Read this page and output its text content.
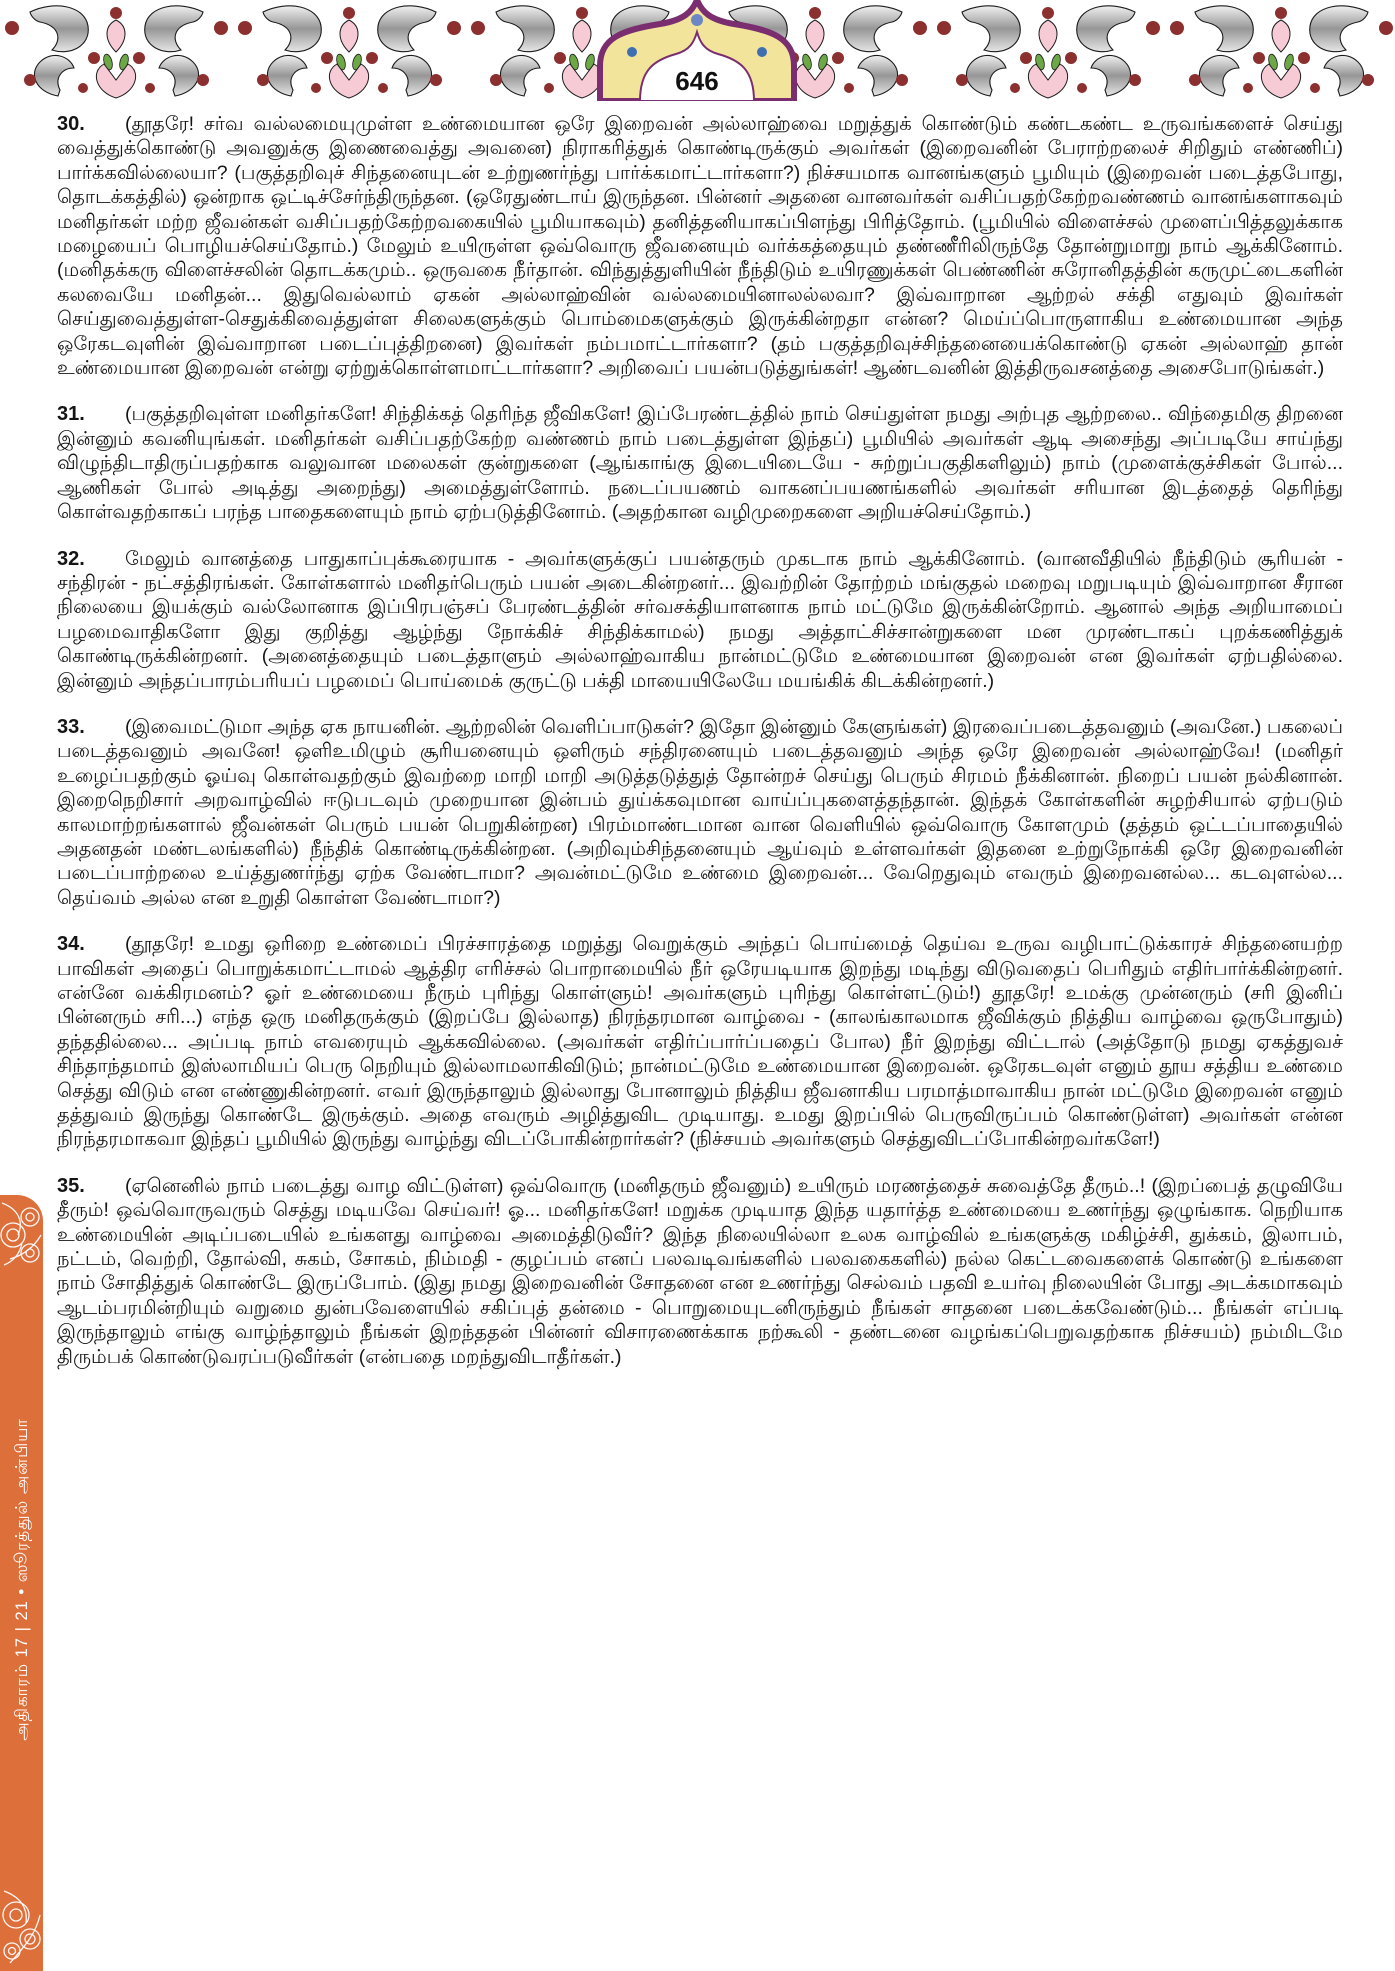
646

30. (தூதரே! சர்வ வல்லமையுமுள்ள உண்மையான ஒரே இறைவன் அல்லாஹ்வை மறுத்துக் கொண்டும் கண்டகண்ட உருவங்களைச் செய்து வைத்துக்கொண்டு அவனுக்கு இணைவைத்து அவனை) நிராகரித்துக் கொண்டிருக்கும் அவர்கள் (இறைவனின் பேராற்றலைச் சிறிதும் எண்ணிப்) பார்க்கவில்லையா? (பகுத்தறிவுச் சிந்தனையுடன் உற்றுணர்ந்து பார்க்கமாட்டார்களா?) நிச்சயமாக வானங்களும் பூமியும் (இறைவன் படைத்தபோது, தொடக்கத்தில்) ஒன்றாக ஒட்டிச்சேர்ந்திருந்தன. (ஒரேதுண்டாய் இருந்தன. பின்னர் அதனை வானவர்கள் வசிப்பதற்கேற்றவண்ணம் வானங்களாகவும் மனிதர்கள் மற்ற ஜீவன்கள் வசிப்பதற்கேற்றவகையில் பூமியாகவும்) தனித்தனியாகப்பிளந்து பிரித்தோம். (பூமியில் விளைச்சல் முளைப்பித்தலுக்காக மழையைப் பொழியச்செய்தோம்.) மேலும் உயிருள்ள ஒவ்வொரு ஜீவனையும் வர்க்கத்தையும் தண்ணீரிலிருந்தே தோன்றுமாறு நாம் ஆக்கினோம். (மனிதக்கரு விளைச்சலின் தொடக்கமும்.. ஒருவகை நீர்தான். விந்துத்துளியின் நீந்திடும் உயிரணுக்கள் பெண்ணின் சுரோனிதத்தின் கருமுட்டைகளின் கலவையே மனிதன்... இதுவெல்லாம் ஏகன் அல்லாஹ்வின் வல்லமையினாலல்லவா? இவ்வாறான ஆற்றல் சக்தி எதுவும் இவர்கள் செய்துவைத்துள்ள-செதுக்கிவைத்துள்ள சிலைகளுக்கும் பொம்மைகளுக்கும் இருக்கின்றதா என்ன? மெய்ப்பொருளாகிய உண்மையான அந்த ஒரேகடவுளின் இவ்வாறான படைப்புத்திறனை) இவர்கள் நம்பமாட்டார்களா? (தம் பகுத்தறிவுச்சிந்தனையைக்கொண்டு ஏகன் அல்லாஹ் தான் உண்மையான இறைவன் என்று ஏற்றுக்கொள்ளமாட்டார்களா? அறிவைப் பயன்படுத்துங்கள்! ஆண்டவனின் இத்திருவசனத்தை அசைபோடுங்கள்.)

31. (பகுத்தறிவுள்ள மனிதர்களே! சிந்திக்கத் தெரிந்த ஜீவிகளே! இப்பேரண்டத்தில் நாம் செய்துள்ள நமது அற்புத ஆற்றலை.. விந்தைமிகு திறனை இன்னும் கவனியுங்கள். மனிதர்கள் வசிப்பதற்கேற்ற வண்ணம் நாம் படைத்துள்ள இந்தப்) பூமியில் அவர்கள் ஆடி அசைந்து அப்படியே சாய்ந்து விழுந்திடாதிருப்பதற்காக வலுவான மலைகள் குன்றுகளை (ஆங்காங்கு இடையிடையே - சுற்றுப்பகுதிகளிலும்) நாம் (முளைக்குச்சிகள் போல்... ஆணிகள் போல் அடித்து அறைந்து) அமைத்துள்ளோம். நடைப்பயணம் வாகனப்பயணங்களில் அவர்கள் சரியான இடத்தைத் தெரிந்து கொள்வதற்காகப் பரந்த பாதைகளையும் நாம் ஏற்படுத்தினோம். (அதற்கான வழிமுறைகளை அறியச்செய்தோம்.)

32. மேலும் வானத்தை பாதுகாப்புக்கூரையாக - அவர்களுக்குப் பயன்தரும் முகடாக நாம் ஆக்கினோம். (வானவீதியில் நீந்திடும் சூரியன் - சந்திரன் - நட்சத்திரங்கள். கோள்களால் மனிதர்பெரும் பயன் அடைகின்றனர்... இவற்றின் தோற்றம் மங்குதல் மறைவு மறுபடியும் இவ்வாறான சீரான நிலையை இயக்கும் வல்லோனாக இப்பிரபஞ்சப் பேரண்டத்தின் சர்வசக்தியாளனாக நாம் மட்டுமே இருக்கின்றோம். ஆனால் அந்த அறியாமைப் பழமைவாதிகளோ இது குறித்து ஆழ்ந்து நோக்கிச் சிந்திக்காமல்) நமது அத்தாட்சிச்சான்றுகளை மன முரண்டாகப் புறக்கணித்துக் கொண்டிருக்கின்றனர். (அனைத்தையும் படைத்தாளும் அல்லாஹ்வாகிய நான்மட்டுமே உண்மையான இறைவன் என இவர்கள் ஏற்பதில்லை. இன்னும் அந்தப்பாரம்பரியப் பழமைப் பொய்மைக் குருட்டு பக்தி மாயையிலேயே மயங்கிக் கிடக்கின்றனர்.)

33. (இவைமட்டுமா அந்த ஏக நாயனின். ஆற்றலின் வெளிப்பாடுகள்? இதோ இன்னும் கேளுங்கள்) இரவைப்படைத்தவனும் (அவனே.) பகலைப் படைத்தவனும் அவனே! ஒளிஉமிழும் சூரியனையும் ஒளிரும் சந்திரனையும் படைத்தவனும் அந்த ஒரே இறைவன் அல்லாஹ்வே! (மனிதர் உழைப்பதற்கும் ஓய்வு கொள்வதற்கும் இவற்றை மாறி மாறி அடுத்தடுத்துத் தோன்றச் செய்து பெரும் சிரமம் நீக்கினான். நிறைப் பயன் நல்கினான். இறைநெறிசார் அறவாழ்வில் ஈடுபடவும் முறையான இன்பம் துய்க்கவுமான வாய்ப்புகளைத்தந்தான். இந்தக் கோள்களின் சுழற்சியால் ஏற்படும் காலமாற்றங்களால் ஜீவன்கள் பெரும் பயன் பெறுகின்றன) பிரம்மாண்டமான வான வெளியில் ஒவ்வொரு கோளமும் (தத்தம் ஒட்டப்பாதையில் அதனதன் மண்டலங்களில்) நீந்திக் கொண்டிருக்கின்றன. (அறிவும்சிந்தனையும் ஆய்வும் உள்ளவர்கள் இதனை உற்றுநோக்கி ஒரே இறைவனின் படைப்பாற்றலை உய்த்துணர்ந்து ஏற்க வேண்டாமா? அவன்மட்டுமே உண்மை இறைவன்... வேறெதுவும் எவரும் இறைவனல்ல... கடவுளல்ல... தெய்வம் அல்ல என உறுதி கொள்ள வேண்டாமா?)

34. (தூதரே! உமது ஒரிறை உண்மைப் பிரச்சாரத்தை மறுத்து வெறுக்கும் அந்தப் பொய்மைத் தெய்வ உருவ வழிபாட்டுக்காரச் சிந்தனையற்ற பாவிகள் அதைப் பொறுக்கமாட்டாமல் ஆத்திர எரிச்சல் பொறாமையில் நீர் ஒரேயடியாக இறந்து மடிந்து விடுவதைப் பெரிதும் எதிர்பார்க்கின்றனர். என்னே வக்கிரமனம்? ஓர் உண்மையை நீரும் புரிந்து கொள்ளும்! அவர்களும் புரிந்து கொள்ளட்டும்!) தூதரே! உமக்கு முன்னரும் (சரி இனிப் பின்னரும் சரி...) எந்த ஒரு மனிதருக்கும் (இறப்பே இல்லாத) நிரந்தரமான வாழ்வை - (காலங்காலமாக ஜீவிக்கும் நித்திய வாழ்வை ஒருபோதும்) தந்ததில்லை... அப்படி நாம் எவரையும் ஆக்கவில்லை. (அவர்கள் எதிர்ப்பார்ப்பதைப் போல) நீர் இறந்து விட்டால் (அத்தோடு நமது ஏகத்துவச் சிந்தாந்தமாம் இஸ்லாமியப் பெரு நெறியும் இல்லாமலாகிவிடும்; நான்மட்டுமே உண்மையான இறைவன். ஒரேகடவுள் எனும் தூய சத்திய உண்மை செத்து விடும் என எண்ணுகின்றனர். எவர் இருந்தாலும் இல்லாது போனாலும் நித்திய ஜீவனாகிய பரமாத்மாவாகிய நான் மட்டுமே இறைவன் எனும் தத்துவம் இருந்து கொண்டே இருக்கும். அதை எவரும் அழித்துவிட முடியாது. உமது இறப்பில் பெருவிருப்பம் கொண்டுள்ள) அவர்கள் என்ன நிரந்தரமாகவா இந்தப் பூமியில் இருந்து வாழ்ந்து விடப்போகின்றார்கள்? (நிச்சயம் அவர்களும் செத்துவிடப்போகின்றவர்களே!)

35. (ஏனெனில் நாம் படைத்து வாழ விட்டுள்ள) ஒவ்வொரு (மனிதரும் ஜீவனும்) உயிரும் மரணத்தைச் சுவைத்தே தீரும்..! (இறப்பைத் தழுவியே தீரும்! ஒவ்வொருவரும் செத்து மடியவே செய்வர்! ஓ... மனிதர்களே! மறுக்க முடியாத இந்த யதார்த்த உண்மையை உணர்ந்து ஒழுங்காக. நெறியாக உண்மையின் அடிப்படையில் உங்களது வாழ்வை அமைத்திடுவீர்? இந்த நிலையில்லா உலக வாழ்வில் உங்களுக்கு மகிழ்ச்சி, துக்கம், இலாபம், நட்டம், வெற்றி, தோல்வி, சுகம், சோகம், நிம்மதி - குழப்பம் எனப் பலவடிவங்களில் பலவகைகளில்) நல்ல கெட்டவைகளைக் கொண்டு உங்களை நாம் சோதித்துக் கொண்டே இருப்போம். (இது நமது இறைவனின் சோதனை என உணர்ந்து செல்வம் பதவி உயர்வு நிலையின் போது அடக்கமாகவும் ஆடம்பரமின்றியும் வறுமை துன்பவேளையில் சகிப்புத் தன்மை - பொறுமையுடனிருந்தும் நீங்கள் சாதனை படைக்கவேண்டும்... நீங்கள் எப்படி இருந்தாலும் எங்கு வாழ்ந்தாலும் நீங்கள் இறந்ததன் பின்னர் விசாரணைக்காக நற்கூலி - தண்டனை வழங்கப்பெறுவதற்காக நிச்சயம்) நம்மிடமே திரும்பக் கொண்டுவரப்படுவீர்கள் (என்பதை மறந்துவிடாதீர்கள்.)

அதிகாரம் 17 | 21 • ஸூரத்துல் அன்பியா
